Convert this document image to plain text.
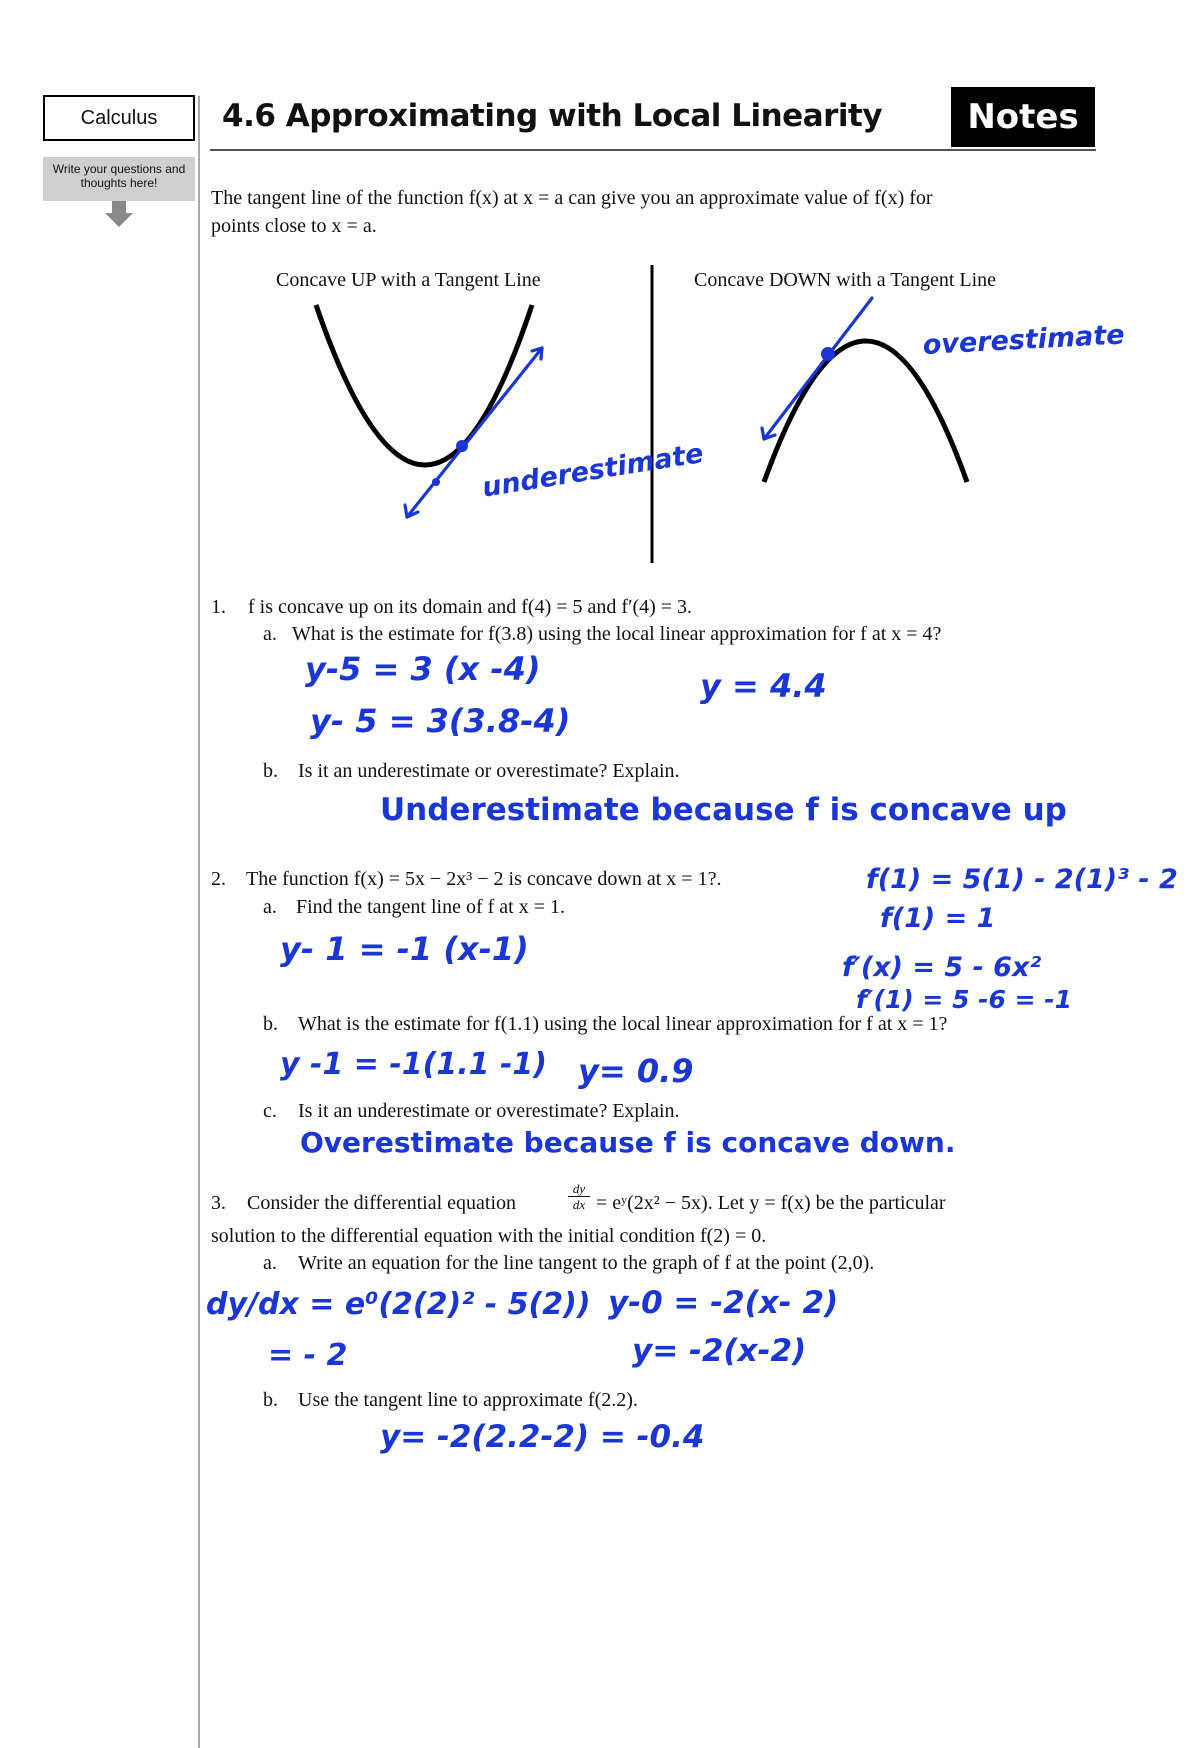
Calculus
Write your questions and thoughts here!
4.6 Approximating with Local Linearity	Notes
The tangent line of the function f(x) at x = a can give you an approximate value of f(x) for
points close to x = a.
Concave UP with a Tangent Line	Concave DOWN with a Tangent Line
underestimate
overestimate
1. f is concave up on its domain and f(4) = 5 and f′(4) = 3.
a. What is the estimate for f(3.8) using the local linear approximation for f at x = 4?
y-5 = 3 (x -4)
y- 5 = 3(3.8-4)
y = 4.4
b. Is it an underestimate or overestimate? Explain.
Underestimate because f is concave up
2. The function f(x) = 5x − 2x³ − 2 is concave down at x = 1?.	f(1) = 5(1) - 2(1)³ - 2
f(1) = 1
f′(x) = 5 - 6x²
f′(1) = 5 -6 = -1
a. Find the tangent line of f at x = 1.
y- 1 = -1 (x-1)
b. What is the estimate for f(1.1) using the local linear approximation for f at x = 1?
y -1 = -1(1.1 -1) y= 0.9
c. Is it an underestimate or overestimate? Explain.
Overestimate because f is concave down.
3. Consider the differential equation	$\frac{dy}{dx}$ = eʸ(2x² − 5x). Let y = f(x) be the particular
solution to the differential equation with the initial condition f(2) = 0.
a. Write an equation for the line tangent to the graph of f at the point (2,0).
dy/dx = e⁰(2(2)² - 5(2))
= - 2
y-0 = -2(x- 2)
y= -2(x-2)
b. Use the tangent line to approximate f(2.2).
y= -2(2.2-2) = -0.4
